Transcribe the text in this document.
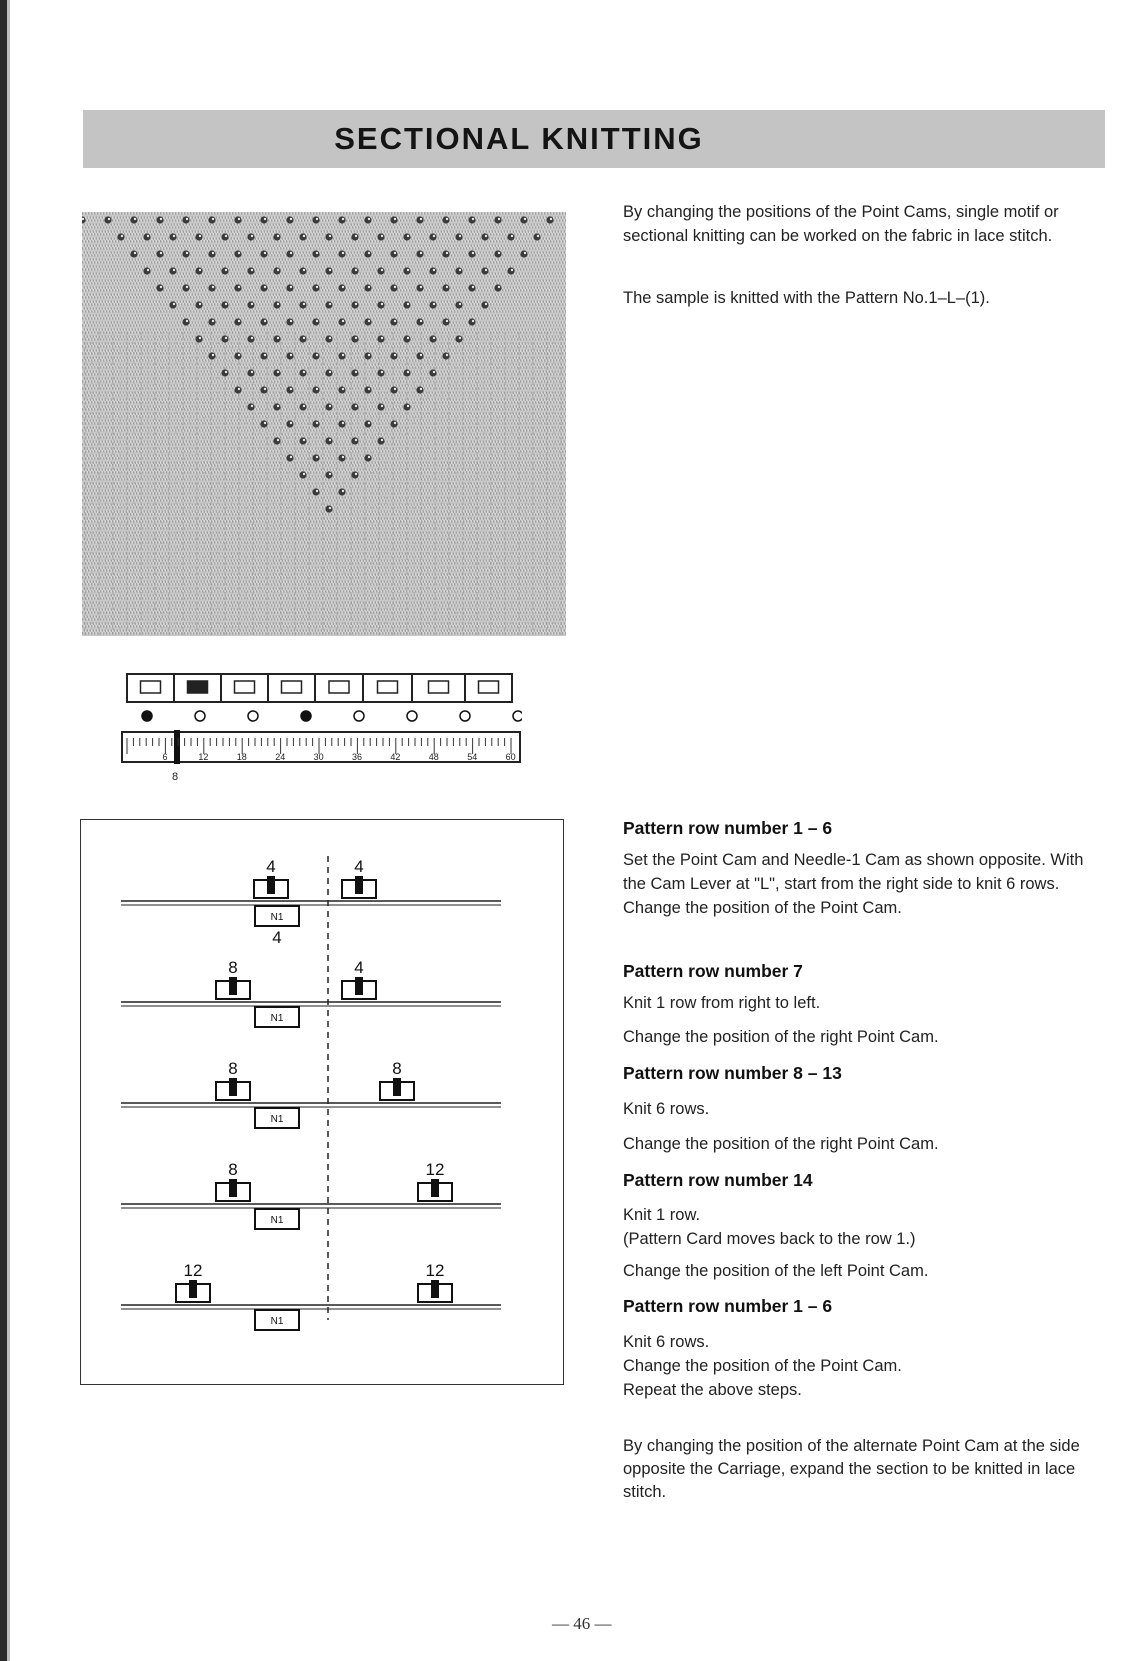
SECTIONAL KNITTING
By changing the positions of the Point Cams, single motif or sectional knitting can be worked on the fabric in lace stitch.
The sample is knitted with the Pattern No.1–L–(1).
6	12	18	24	30	36	42	48	54	60
8
4	4
N1
4
8	4
N1
8	8
N1
8	12
N1
12	12
N1
Pattern row number 1 – 6
Set the Point Cam and Needle-1 Cam as shown opposite. With the Cam Lever at "L", start from the right side to knit 6 rows.
Change the position of the Point Cam.
Pattern row number 7
Knit 1 row from right to left.
Change the position of the right Point Cam.
Pattern row number 8 – 13
Knit 6 rows.
Change the position of the right Point Cam.
Pattern row number 14
Knit 1 row.
(Pattern Card moves back to the row 1.)
Change the position of the left Point Cam.
Pattern row number 1 – 6
Knit 6 rows.
Change the position of the Point Cam.
Repeat the above steps.
By changing the position of the alternate Point Cam at the side opposite the Carriage, expand the section to be knitted in lace stitch.
— 46 —
